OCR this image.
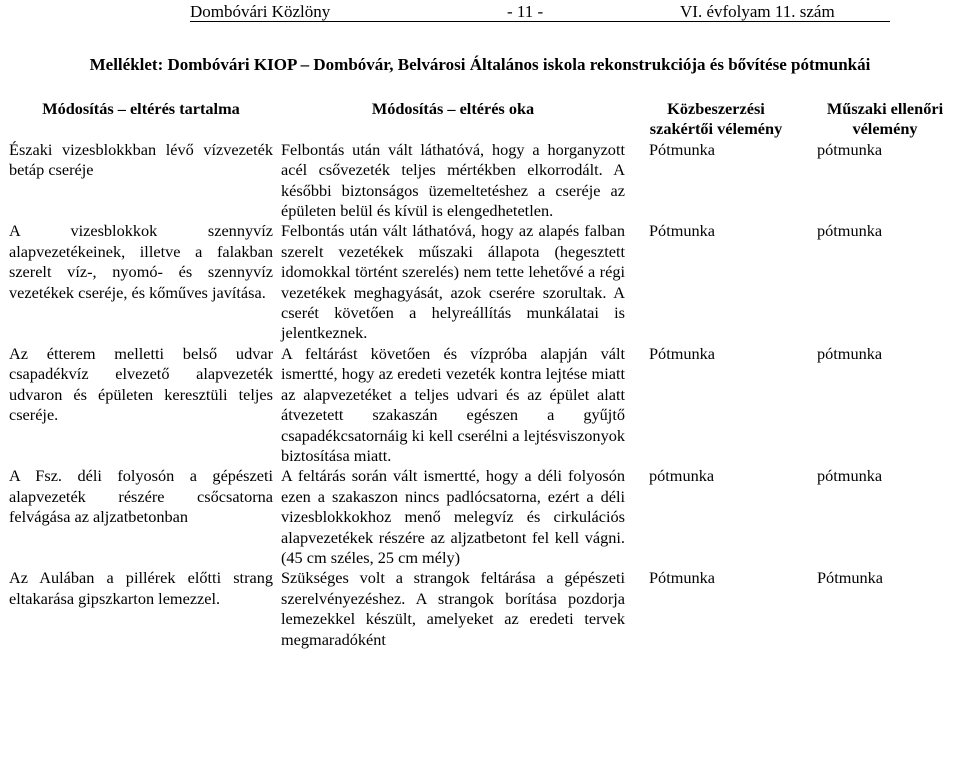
Dombóvári Közlöny	- 11 -	VI. évfolyam 11. szám
Melléklet: Dombóvári KIOP – Dombóvár, Belvárosi Általános iskola rekonstrukciója és bővítése pótmunkái
Módosítás – eltérés tartalma	Módosítás – eltérés oka	Közbeszerzési szakértői vélemény	Műszaki ellenőri vélemény
Északi vizesblokkban lévő vízvezeték betáp cseréje	Felbontás után vált láthatóvá, hogy a horganyzott acél csővezeték teljes mértékben elkorrodált. A későbbi biztonságos üzemeltetéshez a cseréje az épületen belül és kívül is elengedhetetlen.	Pótmunka	pótmunka
A vizesblokkok szennyvíz alapvezetékeinek, illetve a falakban szerelt víz-, nyomó- és szennyvíz vezetékek cseréje, és kőműves javítása.	Felbontás után vált láthatóvá, hogy az alapés falban szerelt vezetékek műszaki állapota (hegesztett idomokkal történt szerelés) nem tette lehetővé a régi vezetékek meghagyását, azok cserére szorultak. A cserét követően a helyreállítás munkálatai is jelentkeznek.	Pótmunka	pótmunka
Az étterem melletti belső udvar csapadékvíz elvezető alapvezeték udvaron és épületen keresztüli teljes cseréje.	A feltárást követően és vízpróba alapján vált ismertté, hogy az eredeti vezeték kontra lejtése miatt az alapvezetéket a teljes udvari és az épület alatt átvezetett szakaszán egészen a gyűjtő csapadékcsatornáig ki kell cserélni a lejtésviszonyok biztosítása miatt.	Pótmunka	pótmunka
A Fsz. déli folyosón a gépészeti alapvezeték részére csőcsatorna felvágása az aljzatbetonban	A feltárás során vált ismertté, hogy a déli folyosón ezen a szakaszon nincs padlócsatorna, ezért a déli vizesblokkokhoz menő melegvíz és cirkulációs alapvezetékek részére az aljzatbetont fel kell vágni. (45 cm széles, 25 cm mély)	pótmunka	pótmunka
Az Aulában a pillérek előtti strang eltakarása gipszkarton lemezzel.	Szükséges volt a strangok feltárása a gépészeti szerelvényezéshez. A strangok borítása pozdorja lemezekkel készült, amelyeket az eredeti tervek megmaradóként	Pótmunka	Pótmunka
